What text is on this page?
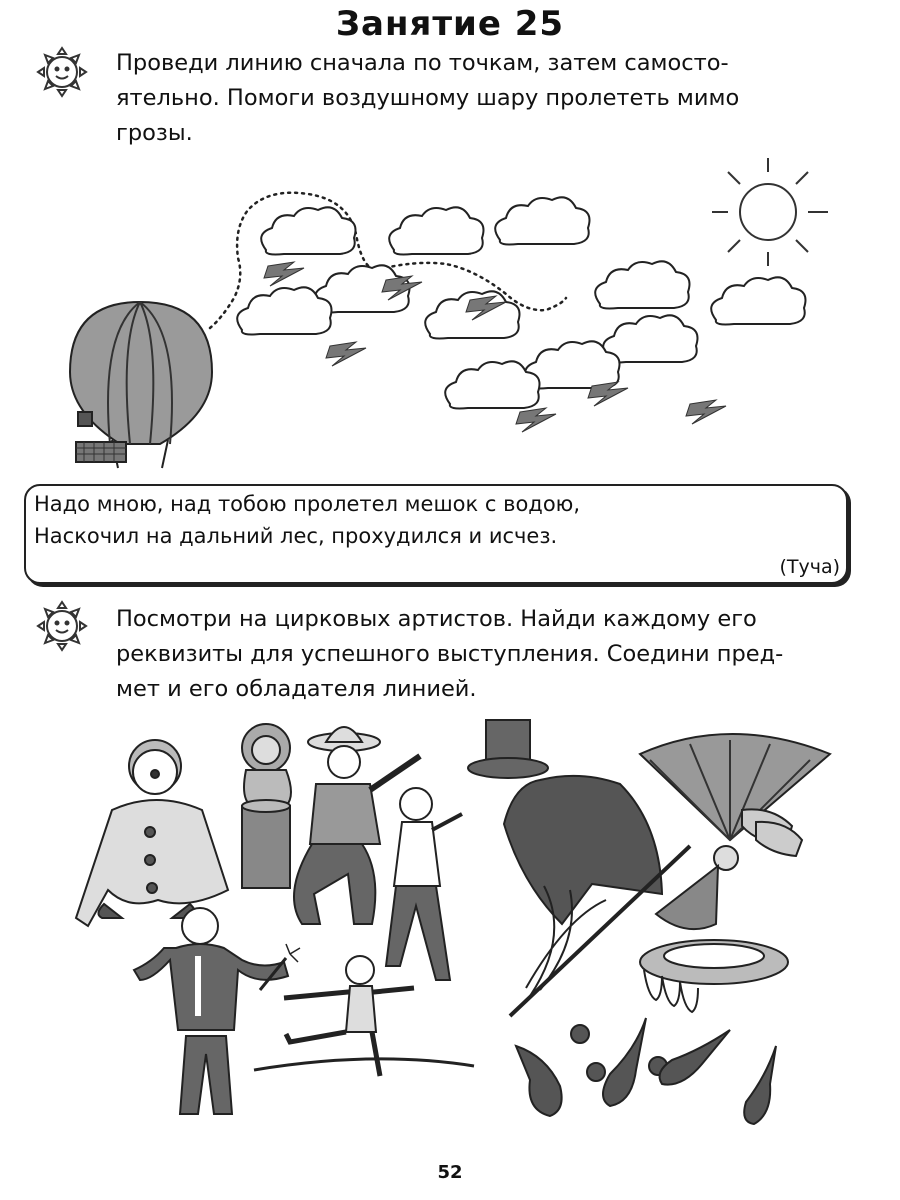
Занятие 25
Проведи линию сначала по точкам, затем самосто-
ятельно. Помоги воздушному шару пролететь мимо
грозы.
Надо мною, над тобою пролетел мешок с водою,
Наскочил на дальний лес, прохудился и исчез.
(Туча)
Посмотри на цирковых артистов. Найди каждому его
реквизиты для успешного выступления. Соедини пред-
мет и его обладателя линией.
52
